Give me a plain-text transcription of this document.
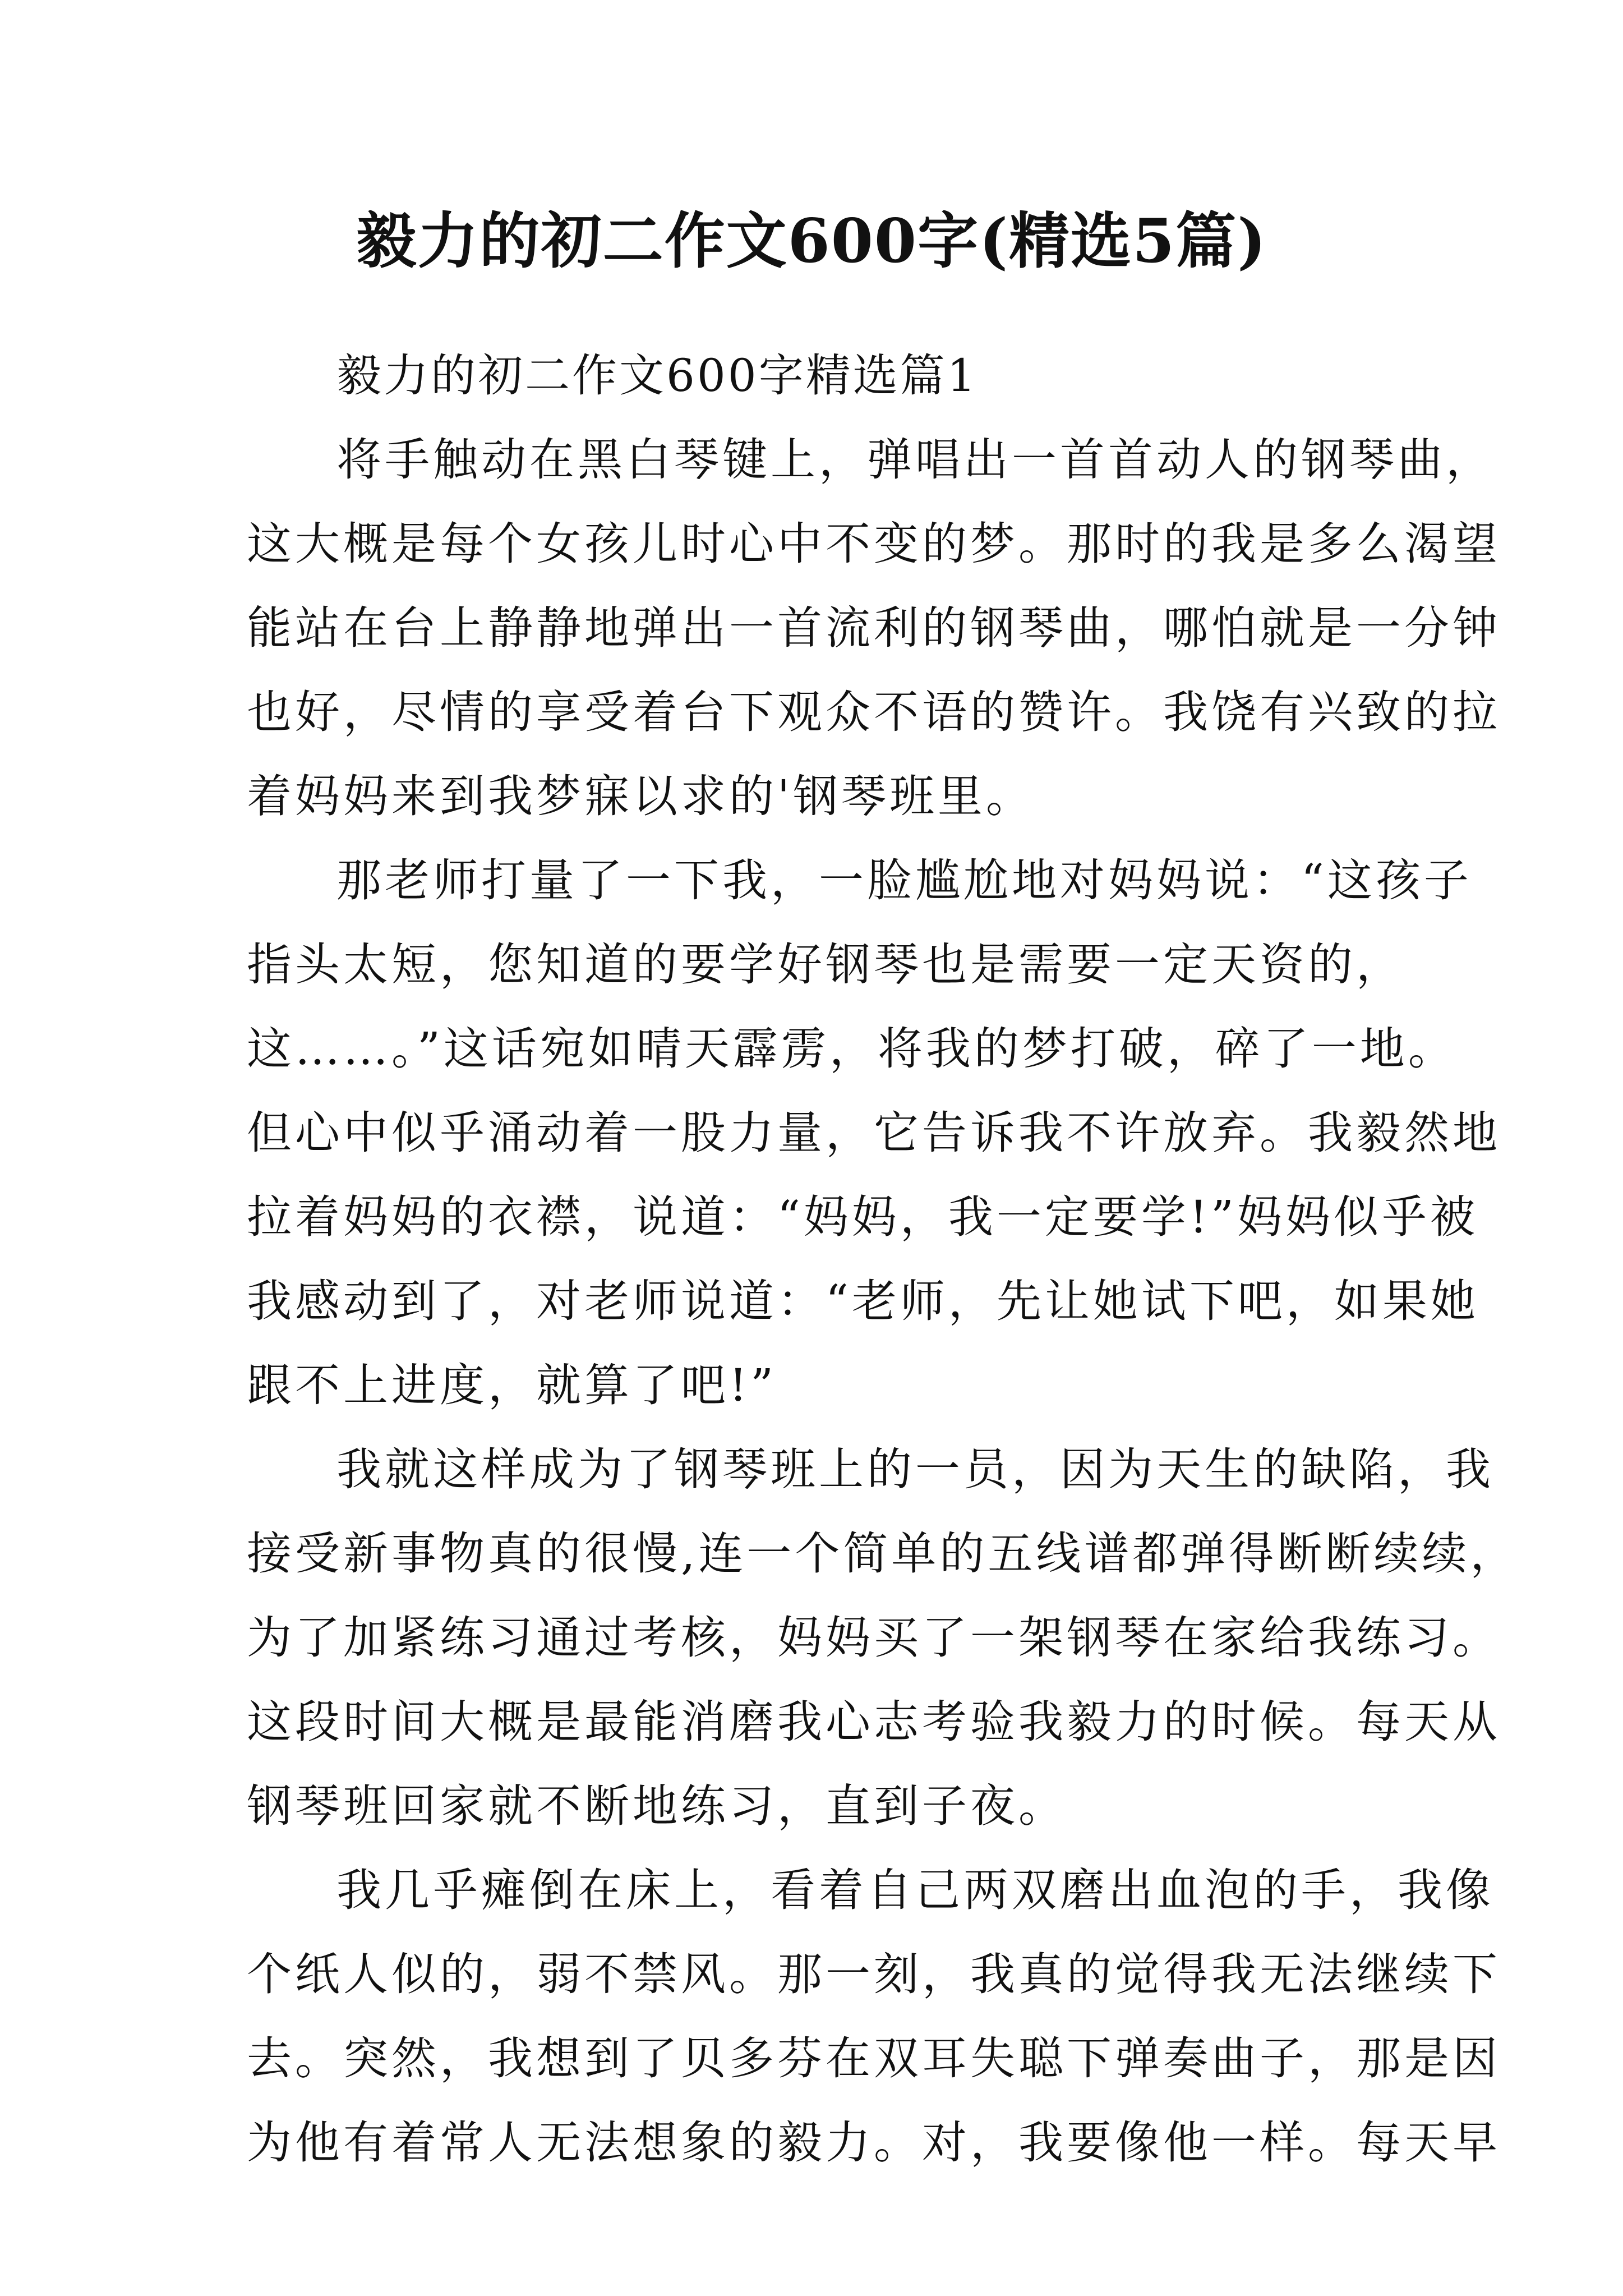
毅力的初二作文600字(精选5篇)
毅力的初二作文600字精选篇1
将手触动在黑白琴键上，弹唱出一首首动人的钢琴曲，
这大概是每个女孩儿时心中不变的梦。那时的我是多么渴望
能站在台上静静地弹出一首流利的钢琴曲，哪怕就是一分钟
也好，尽情的享受着台下观众不语的赞许。我饶有兴致的拉
着妈妈来到我梦寐以求的'钢琴班里。
那老师打量了一下我，一脸尴尬地对妈妈说：“这孩子
指头太短，您知道的要学好钢琴也是需要一定天资的，
这……。”这话宛如晴天霹雳，将我的梦打破，碎了一地。
但心中似乎涌动着一股力量，它告诉我不许放弃。我毅然地
拉着妈妈的衣襟，说道：“妈妈，我一定要学!”妈妈似乎被
我感动到了，对老师说道：“老师，先让她试下吧，如果她
跟不上进度，就算了吧!”
我就这样成为了钢琴班上的一员，因为天生的缺陷，我
接受新事物真的很慢,连一个简单的五线谱都弹得断断续续，
为了加紧练习通过考核，妈妈买了一架钢琴在家给我练习。
这段时间大概是最能消磨我心志考验我毅力的时候。每天从
钢琴班回家就不断地练习，直到子夜。
我几乎瘫倒在床上，看着自己两双磨出血泡的手，我像
个纸人似的，弱不禁风。那一刻，我真的觉得我无法继续下
去。突然，我想到了贝多芬在双耳失聪下弹奏曲子，那是因
为他有着常人无法想象的毅力。对，我要像他一样。每天早
